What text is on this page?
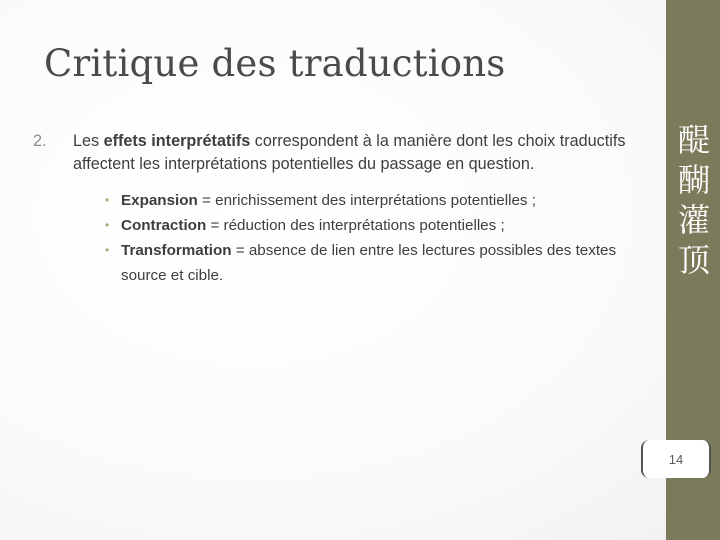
Critique des traductions
2.	Les effets interprétatifs correspondent à la manière dont les choix traductifs affectent les interprétations potentielles du passage en question.
• Expansion = enrichissement des interprétations potentielles ;
• Contraction = réduction des interprétations potentielles ;
• Transformation = absence de lien entre les lectures possibles des textes source et cible.
醍
醐
灌
顶
14
